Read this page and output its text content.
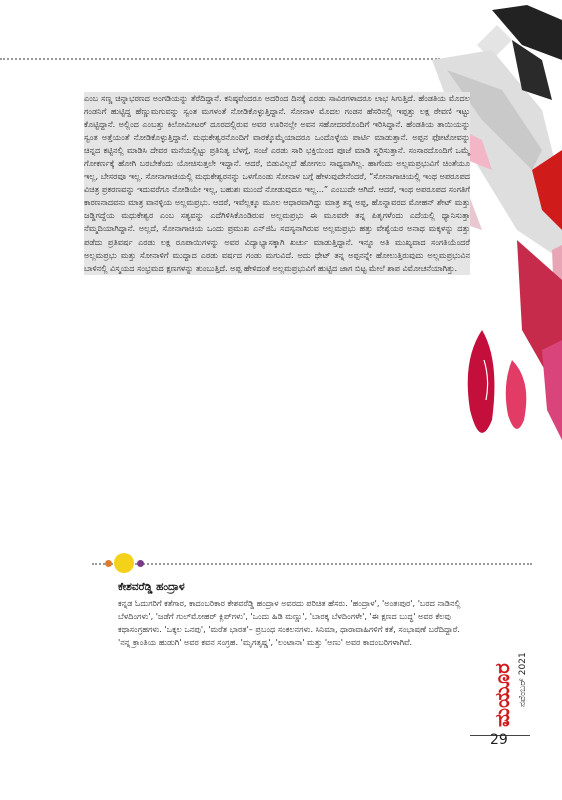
ಎಂಬ ಸಣ್ಣ ಚಿನ್ನಾಭರಣದ ಅಂಗಡಿಯನ್ನು ತೆರೆದಿದ್ದಾನೆ. ಕನಿಷ್ಠವೆಂದರೂ ಅದರಿಂದ ದಿನಕ್ಕೆ ಎರಡು ಸಾವಿರಗಳಾದರೂ ಲಾಭ ಸಿಗುತ್ತಿದೆ. ಹೆಂಡತಿಯ ಮೊದಲ ಗಂಡನಿಗೆ ಹುಟ್ಟಿದ್ದ ಹೆಣ್ಣುಮಗುವನ್ನು ಸ್ವಂತ ಮಗಳಂತೆ ನೋಡಿಕೊಳ್ಳುತ್ತಿದ್ದಾನೆ. ಸೋನಾಳ ಮೊದಲ ಗಂಡನ ಹೆಸರಿನಲ್ಲಿ ಇಪ್ಪತ್ತು ಲಕ್ಷ ಠೇವಣಿ ಇಟ್ಟು ಕೊಟ್ಟಿದ್ದಾನೆ. ಅಲ್ಲಿಂದ ಎಂಬತ್ತು ಕಿಲೋಮೀಟರ್ ದೂರದಲ್ಲಿರುವ ಅವರ ಊರಿನಲ್ಲೇ ಅವನ ಸಹೋದರರೊಂದಿಗೆ ಇರಿಸಿದ್ದಾನೆ. ಹೆಂಡತಿಯ ತಾಯಿಯನ್ನು ಸ್ವಂತ ಅತ್ತೆಯಂತೆ ನೋಡಿಕೊಳ್ಳುತ್ತಿದ್ದಾನೆ. ಮಧುಕೇಶ್ವರನೊಂದಿಗೆ ವಾರಕ್ಕೊಮ್ಮೆಯಾದರೂ ಒಂದೊಳ್ಳೆಯ ಪಾರ್ಟಿ ಮಾಡುತ್ತಾನೆ. ಅಪ್ಪನ ಫೋಟೋವನ್ನು ಚಿನ್ನದ ಕಟ್ಟಿನಲ್ಲಿ ಮಾಡಿಸಿ ದೇವರ ಮನೆಯಲ್ಲಿಟ್ಟು ಪ್ರತಿನಿತ್ಯ ಬೆಳಗ್ಗೆ, ಸಂಜೆ ಎರಡು ಸಾರಿ ಭಕ್ತಿಯಿಂದ ಪೂಜೆ ಮಾಡಿ ಸ್ಮರಿಸುತ್ತಾನೆ. ಸಂಸಾರದೊಂದಿಗೆ ಒಮ್ಮೆ ಗೋಕರ್ಣಕ್ಕೆ ಹೋಗಿ ಬರಬೇಕೆಂದು ಯೋಚಿಸುತ್ತಲೇ ಇದ್ದಾನೆ. ಆದರೆ, ಬಿಡುವಿಲ್ಲದೆ ಹೋಗಲು ಸಾಧ್ಯವಾಗಿಲ್ಲ. ಹಾಗೆಂದು ಅಲ್ಲಮಪ್ರಭುವಿಗೆ ಚಿಂತೆಯೂ ಇಲ್ಲ, ಬೇಸರವೂ ಇಲ್ಲ. ಸೋನಾಗಾಚಿಯಲ್ಲಿ ಮಧುಕೇಶ್ವರನನ್ನು ಒಳಗೊಂಡು ಸೋನಾಳ ಬಗ್ಗೆ ಹೇಳುವುದೇನೆಂದರೆ, “ಸೋನಾಗಾಚಿಯಲ್ಲಿ ಇಂಥ ಅಪರೂಪದ ವಿಚಿತ್ರ ಪ್ರಕರಣವನ್ನು ಇದುವರೆಗೂ ನೋಡಿಯೇ ಇಲ್ಲ, ಬಹುಶಃ ಮುಂದೆ ನೋಡುವುದೂ ಇಲ್ಲ...” ಎಂಬುದೇ ಆಗಿದೆ. ಆದರೆ, ಇಂಥ ಅಪರೂಪದ ಸಂಗತಿಗೆ ಕಾರಣನಾದವನು ಮಾತ್ರ ವಾನಳ್ಳಿಯ ಅಲ್ಲಮಪ್ರಭು. ಆದರೆ, ಇವೆಲ್ಲಕ್ಕೂ ಮೂಲ ಆಧಾರವಾಗಿದ್ದು ಮಾತ್ರ ತನ್ನ ಅಪ್ಪ, ಹೊನ್ನಾವರದ ಮೋಹನ್ ಶೇಟ್ ಮತ್ತು ಜಡ್ಡಿಗದ್ದೆಯ ಮಧುಕೇಶ್ವರ ಎಂಬ ಸತ್ಯವನ್ನು ಎದೆಗಿಳಿಸಿಕೊಂಡಿರುವ ಅಲ್ಲಮಪ್ರಭು ಈ ಮೂವರೇ ತನ್ನ ಪಿತೃಗಳೆಂದು ಎದೆಯಲ್ಲಿ ಧ್ಯಾನಿಸುತ್ತಾ ನೆಮ್ಮದಿಯಾಗಿದ್ದಾನೆ. ಅಲ್ಲದೆ, ಸೋನಾಗಾಚಿಯ ಒಂದು ಪ್ರಮುಖ ಎನ್‌ಜಿಓ ಸದಸ್ಯನಾಗಿರುವ ಅಲ್ಲಮಪ್ರಭು ಹತ್ತು ವೇಶ್ಯೆಯರ ಅನಾಥ ಮಕ್ಕಳನ್ನು ದತ್ತು ಪಡೆದು ಪ್ರತಿವರ್ಷ ಎರಡು ಲಕ್ಷ ರೂಪಾಯಿಗಳನ್ನು ಅವರ ವಿದ್ಯಾಭ್ಯಾಸಕ್ಕಾಗಿ ಖರ್ಚು ಮಾಡುತ್ತಿದ್ದಾನೆ. ಇನ್ನೂ ಅತಿ ಮುಖ್ಯವಾದ ಸಂಗತಿಯೆಂದರೆ ಅಲ್ಲಮಪ್ರಭು ಮತ್ತು ಸೋನಾಳಿಗೆ ಮುದ್ದಾದ ಎರಡು ವರ್ಷದ ಗಂಡು ಮಗುವಿದೆ. ಅದು ಥೇಟ್ ತನ್ನ ಅಪ್ಪನನ್ನೇ ಹೋಲುತ್ತಿರುವುದು ಅಲ್ಲಮಪ್ರಭುವಿನ ಬಾಳಿನಲ್ಲಿ ವಿಸ್ಮಯದ ಸಂಭ್ರಮದ ಕ್ಷಣಗಳನ್ನು ತುಂಬುತ್ತಿದೆ. ಅಪ್ಪ ಹೇಳಿದಂತೆ ಅಲ್ಲಮಪ್ರಭುವಿಗೆ ಹುಟ್ಟಿದ ಜಾಗ ಬಿಟ್ಟ ಮೇಲೆ ಶಾಪ ವಿಮೋಚನೆಯಾಗಿತ್ತು.

ಕೇಶವರೆಡ್ಡಿ ಹಂದ್ರಾಳ
ಕನ್ನಡ ಓದುಗರಿಗೆ ಕತೆಗಾರ, ಕಾದಂಬರಿಕಾರ ಕೇಶವರೆಡ್ಡಿ ಹಂದ್ರಾಳ ಅವರದು ಪರಿಚಿತ ಹೆಸರು. 'ಹಂದ್ರಾಳ', 'ಅಂತಃಪುರ', 'ಬರದ ನಾಡಿನಲ್ಲಿ ಬೆಳದಿಂಗಳು', 'ಜಡೆಗೆ ಗುಲ್‌ಮೋಹರ್ ಕ್ಲಿಪ್‌ಗಳು', 'ಒಂದು ಹಿಡಿ ಮಣ್ಣು', 'ಬಾರಕ್ಕ ಬೆಳದಿಂಗಳೇ', 'ಈ ಕ್ಷಣದ ಬುದ್ಧ' ಅವರ ಕೆಲವು ಕಥಾಸಂಗ್ರಹಗಳು. 'ಒಕ್ಕಲ ಒನಪು', 'ಮರೆತ ಭಾರತ'– ಪ್ರಬಂಧ ಸಂಕಲನಗಳು. ಸಿನಿಮಾ, ಧಾರಾವಾಹಿಗಳಿಗೆ ಕತೆ, ಸಂಭಾಷಣೆ ಬರೆದಿದ್ದಾರೆ. 'ನನ್ನ ಕ್ರಾಂತಿಯ ಹುಡುಗಿ' ಅವರ ಕವನ ಸಂಗ್ರಹ. 'ಮೃಗತೃಷ್ಣ', 'ಲಂಟಾನಾ' ಮತ್ತು 'ಅಣು' ಅವರ ಕಾದಂಬರಿಗಳಾಗಿವೆ.
ಮಯೂರ ನವೆಂಬರ್ 2021
29
